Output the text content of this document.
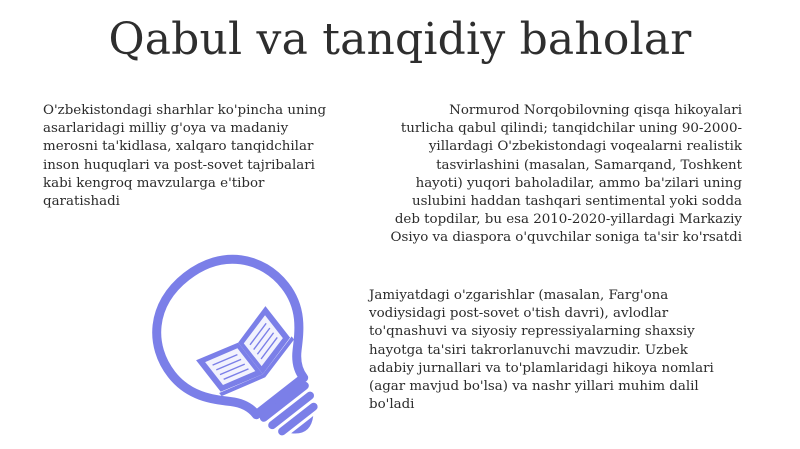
Qabul va tanqidiy baholar
O'zbekistondagi sharhlar ko'pincha uning
asarlaridagi milliy g'oya va madaniy
merosni ta'kidlasa, xalqaro tanqidchilar
inson huquqlari va post-sovet tajribalari
kabi kengroq mavzularga e'tibor
qaratishadi
Normurod Norqobilovning qisqa hikoyalari
turlicha qabul qilindi; tanqidchilar uning 90-2000-
yillardagi O'zbekistondagi voqealarni realistik
tasvirlashini (masalan, Samarqand, Toshkent
hayoti) yuqori baholadilar, ammo ba'zilari uning
uslubini haddan tashqari sentimental yoki sodda
deb topdilar, bu esa 2010-2020-yillardagi Markaziy
Osiyo va diaspora o'quvchilar soniga ta'sir ko'rsatdi
Jamiyatdagi o'zgarishlar (masalan, Farg'ona
vodiysidagi post-sovet o'tish davri), avlodlar
to'qnashuvi va siyosiy repressiyalarning shaxsiy
hayotga ta'siri takrorlanuvchi mavzudir. Uzbek
adabiy jurnallari va to'plamlaridagi hikoya nomlari
(agar mavjud bo'lsa) va nashr yillari muhim dalil
bo'ladi
